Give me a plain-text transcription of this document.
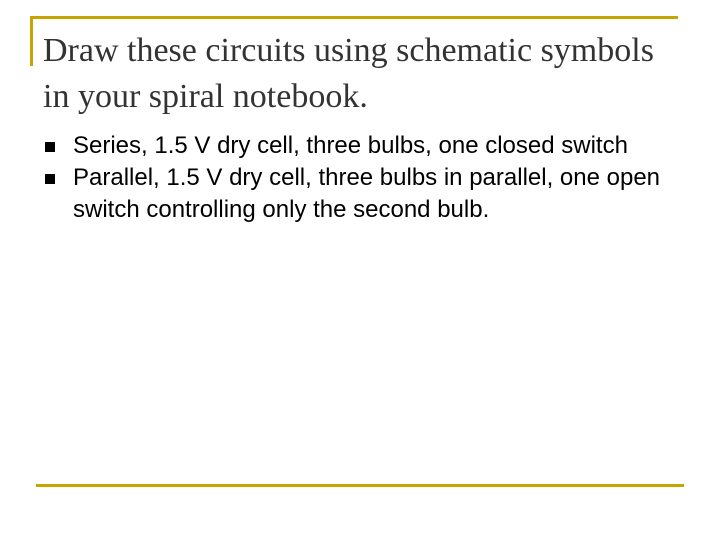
Draw these circuits using schematic symbols in your spiral notebook.
Series, 1.5 V dry cell, three bulbs, one closed switch
Parallel, 1.5 V dry cell, three bulbs in parallel, one open switch controlling only the second bulb.
